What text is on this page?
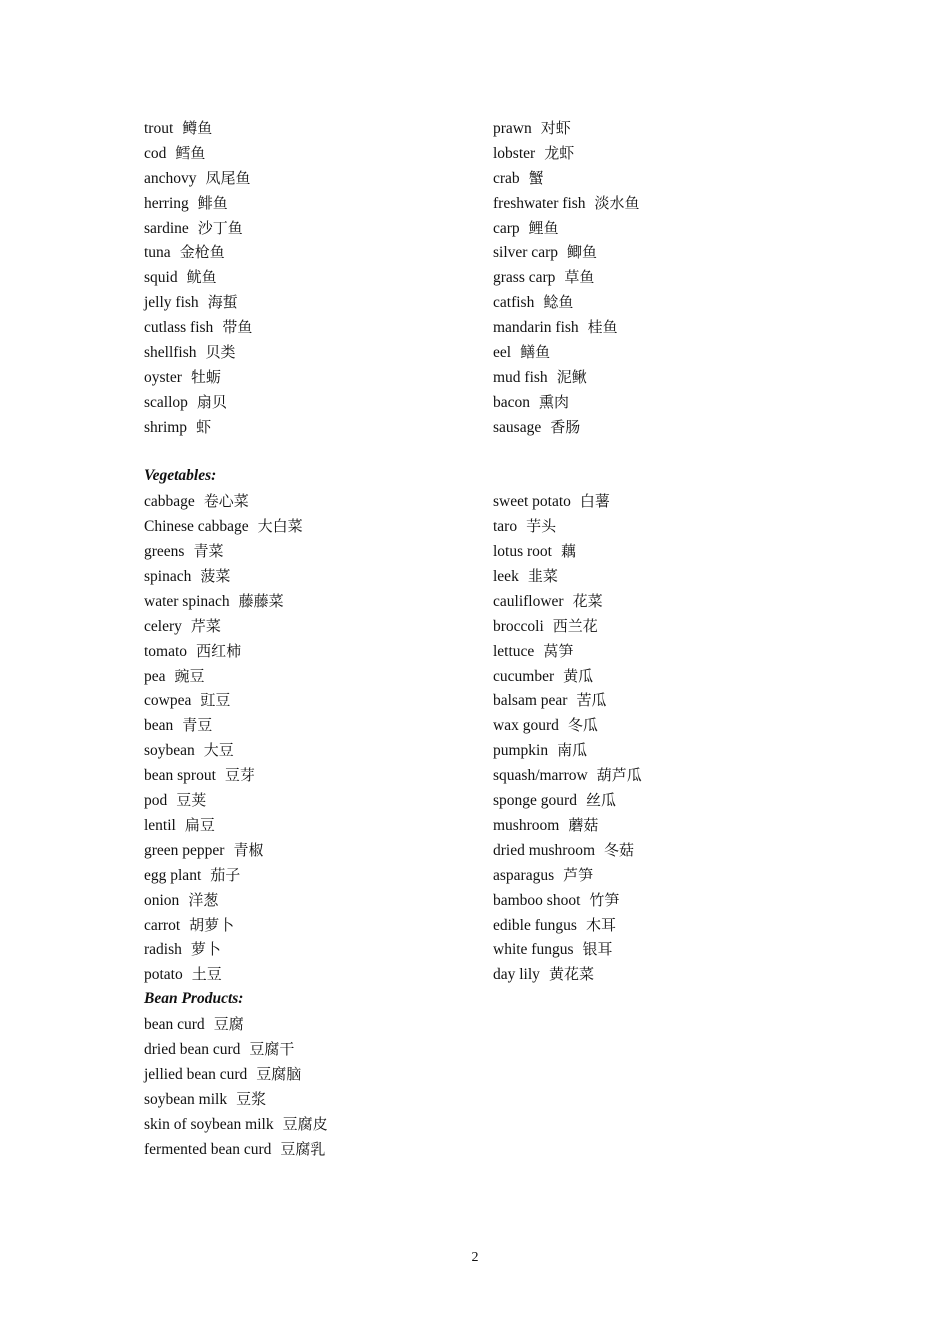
trout 鳟鱼
cod 鳕鱼
anchovy 凤尾鱼
herring 鲱鱼
sardine 沙丁鱼
tuna 金枪鱼
squid 鱿鱼
jelly fish 海蜇
cutlass fish 带鱼
shellfish 贝类
oyster 牡蛎
scallop 扇贝
shrimp 虾
Vegetables:
cabbage 卷心菜
Chinese cabbage 大白菜
greens 青菜
spinach 菠菜
water spinach 藤藤菜
celery 芹菜
tomato 西红柿
pea 豌豆
cowpea 豇豆
bean 青豆
soybean 大豆
bean sprout 豆芽
pod 豆荚
lentil 扁豆
green pepper 青椒
egg plant 茄子
onion 洋葱
carrot 胡萝卜
radish 萝卜
potato 土豆
Bean Products:
bean curd 豆腐
dried bean curd 豆腐干
jellied bean curd 豆腐脑
soybean milk 豆浆
skin of soybean milk 豆腐皮
fermented bean curd 豆腐乳
prawn 对虾
lobster 龙虾
crab 蟹
freshwater fish 淡水鱼
carp 鲤鱼
silver carp 鲫鱼
grass carp 草鱼
catfish 鲶鱼
mandarin fish 桂鱼
eel 鳝鱼
mud fish 泥鳅
bacon 熏肉
sausage 香肠
sweet potato 白薯
taro 芋头
lotus root 藕
leek 韭菜
cauliflower 花菜
broccoli 西兰花
lettuce 莴笋
cucumber 黄瓜
balsam pear 苦瓜
wax gourd 冬瓜
pumpkin 南瓜
squash/marrow 葫芦瓜
sponge gourd 丝瓜
mushroom 蘑菇
dried mushroom 冬菇
asparagus 芦笋
bamboo shoot 竹笋
edible fungus 木耳
white fungus 银耳
day lily 黄花菜
2
